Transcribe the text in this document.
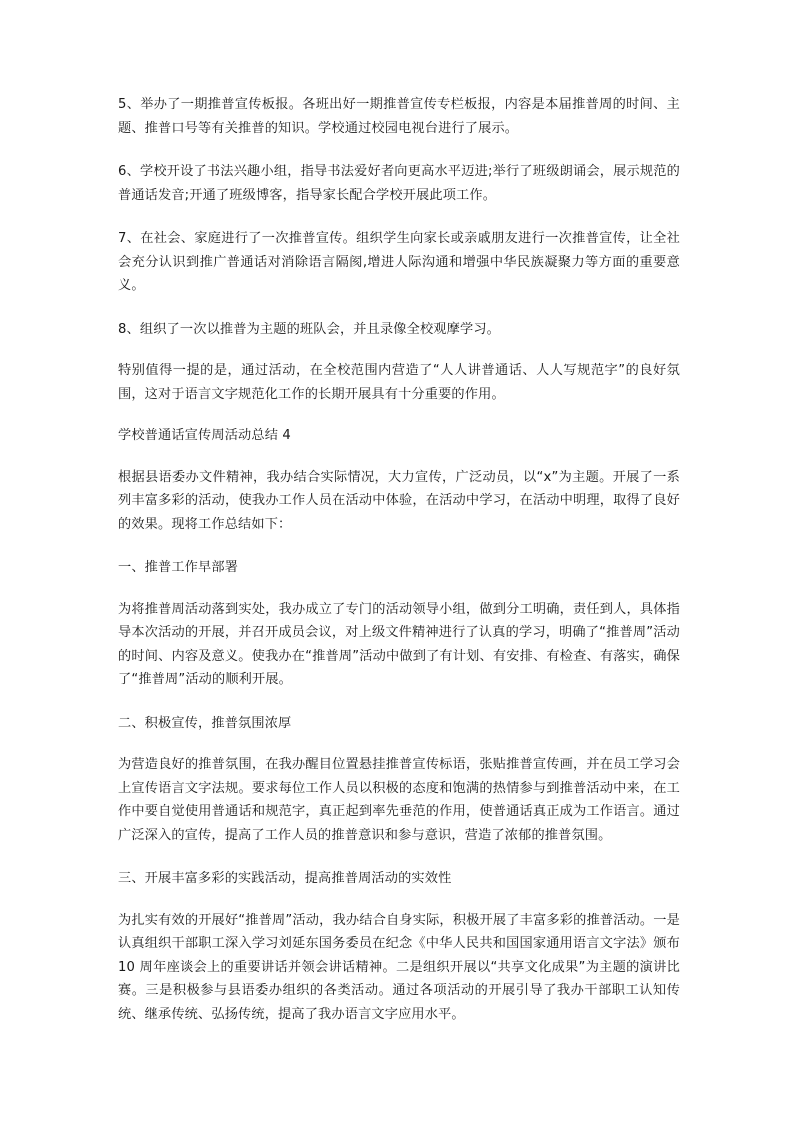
5、举办了一期推普宣传板报。各班出好一期推普宣传专栏板报，内容是本届推普周的时间、主题、推普口号等有关推普的知识。学校通过校园电视台进行了展示。

6、学校开设了书法兴趣小组，指导书法爱好者向更高水平迈进;举行了班级朗诵会，展示规范的普通话发音;开通了班级博客，指导家长配合学校开展此项工作。

7、在社会、家庭进行了一次推普宣传。组织学生向家长或亲戚朋友进行一次推普宣传，让全社会充分认识到推广普通话对消除语言隔阂,增进人际沟通和增强中华民族凝聚力等方面的重要意义。

8、组织了一次以推普为主题的班队会，并且录像全校观摩学习。

特别值得一提的是，通过活动，在全校范围内营造了“人人讲普通话、人人写规范字”的良好氛围，这对于语言文字规范化工作的长期开展具有十分重要的作用。

学校普通话宣传周活动总结 4

根据县语委办文件精神，我办结合实际情况，大力宣传，广泛动员，以“x”为主题。开展了一系列丰富多彩的活动，使我办工作人员在活动中体验，在活动中学习，在活动中明理，取得了良好的效果。现将工作总结如下：

一、推普工作早部署

为将推普周活动落到实处，我办成立了专门的活动领导小组，做到分工明确，责任到人，具体指导本次活动的开展，并召开成员会议，对上级文件精神进行了认真的学习，明确了“推普周”活动的时间、内容及意义。使我办在“推普周”活动中做到了有计划、有安排、有检查、有落实，确保了“推普周”活动的顺利开展。

二、积极宣传，推普氛围浓厚

为营造良好的推普氛围，在我办醒目位置悬挂推普宣传标语，张贴推普宣传画，并在员工学习会上宣传语言文字法规。要求每位工作人员以积极的态度和饱满的热情参与到推普活动中来，在工作中要自觉使用普通话和规范字，真正起到率先垂范的作用，使普通话真正成为工作语言。通过广泛深入的宣传，提高了工作人员的推普意识和参与意识，营造了浓郁的推普氛围。

三、开展丰富多彩的实践活动，提高推普周活动的实效性

为扎实有效的开展好“推普周”活动，我办结合自身实际，积极开展了丰富多彩的推普活动。一是认真组织干部职工深入学习刘延东国务委员在纪念《中华人民共和国国家通用语言文字法》颁布 10 周年座谈会上的重要讲话并领会讲话精神。二是组织开展以“共享文化成果”为主题的演讲比赛。三是积极参与县语委办组织的各类活动。通过各项活动的开展引导了我办干部职工认知传统、继承传统、弘扬传统，提高了我办语言文字应用水平。
